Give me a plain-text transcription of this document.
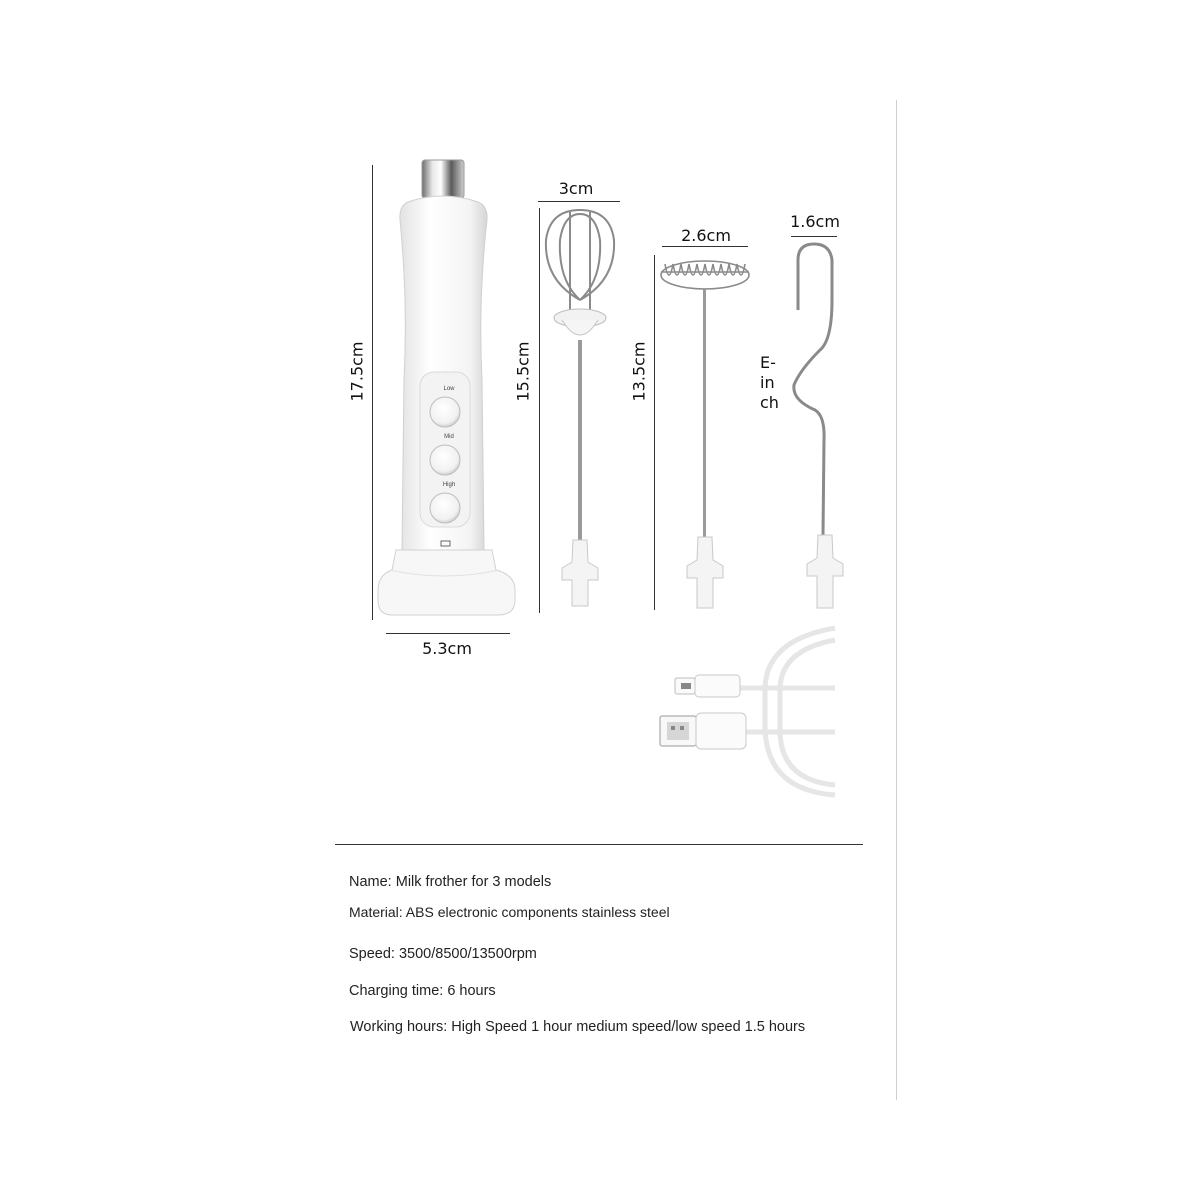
Low
Mid
High
17.5cm
5.3cm
3cm
15.5cm
2.6cm
13.5cm
1.6cm
E-
in
ch
Name: Milk frother for 3 models
Material: ABS electronic components stainless steel
Speed: 3500/8500/13500rpm
Charging time: 6 hours
Working hours: High Speed 1 hour medium speed/low speed 1.5 hours
